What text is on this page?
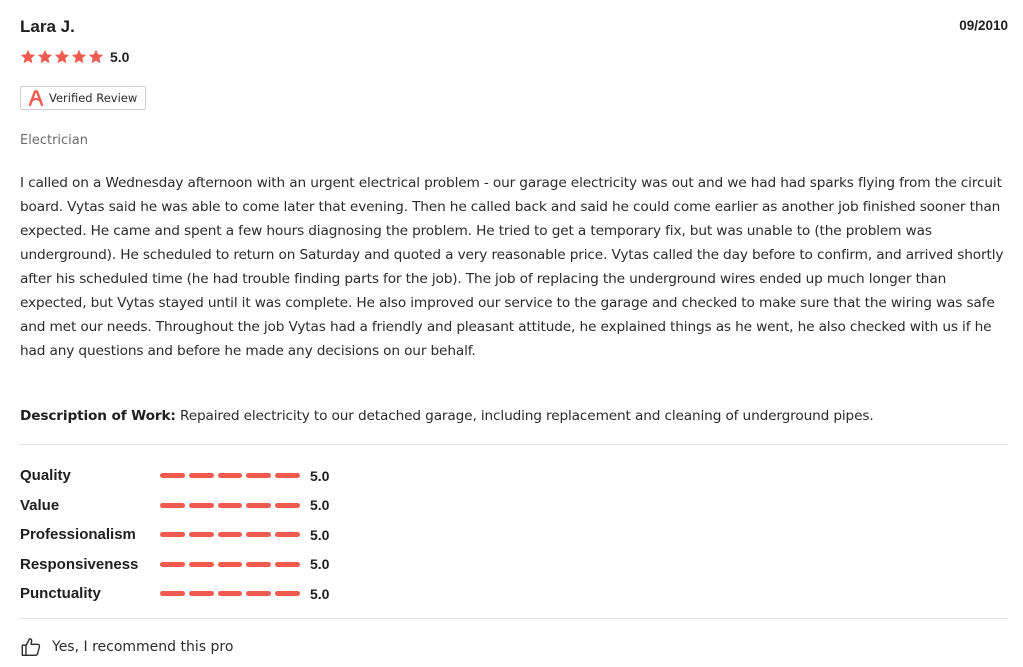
Lara J.	09/2010
5.0
Verified Review
Electrician

I called on a Wednesday afternoon with an urgent electrical problem - our garage electricity was out and we had had sparks flying from the circuit board. Vytas said he was able to come later that evening. Then he called back and said he could come earlier as another job finished sooner than expected. He came and spent a few hours diagnosing the problem. He tried to get a temporary fix, but was unable to (the problem was underground). He scheduled to return on Saturday and quoted a very reasonable price. Vytas called the day before to confirm, and arrived shortly after his scheduled time (he had trouble finding parts for the job). The job of replacing the underground wires ended up much longer than expected, but Vytas stayed until it was complete. He also improved our service to the garage and checked to make sure that the wiring was safe and met our needs. Throughout the job Vytas had a friendly and pleasant attitude, he explained things as he went, he also checked with us if he had any questions and before he made any decisions on our behalf.

Description of Work: Repaired electricity to our detached garage, including replacement and cleaning of underground pipes.

Quality	5.0
Value	5.0
Professionalism	5.0
Responsiveness	5.0
Punctuality	5.0
Yes, I recommend this pro
